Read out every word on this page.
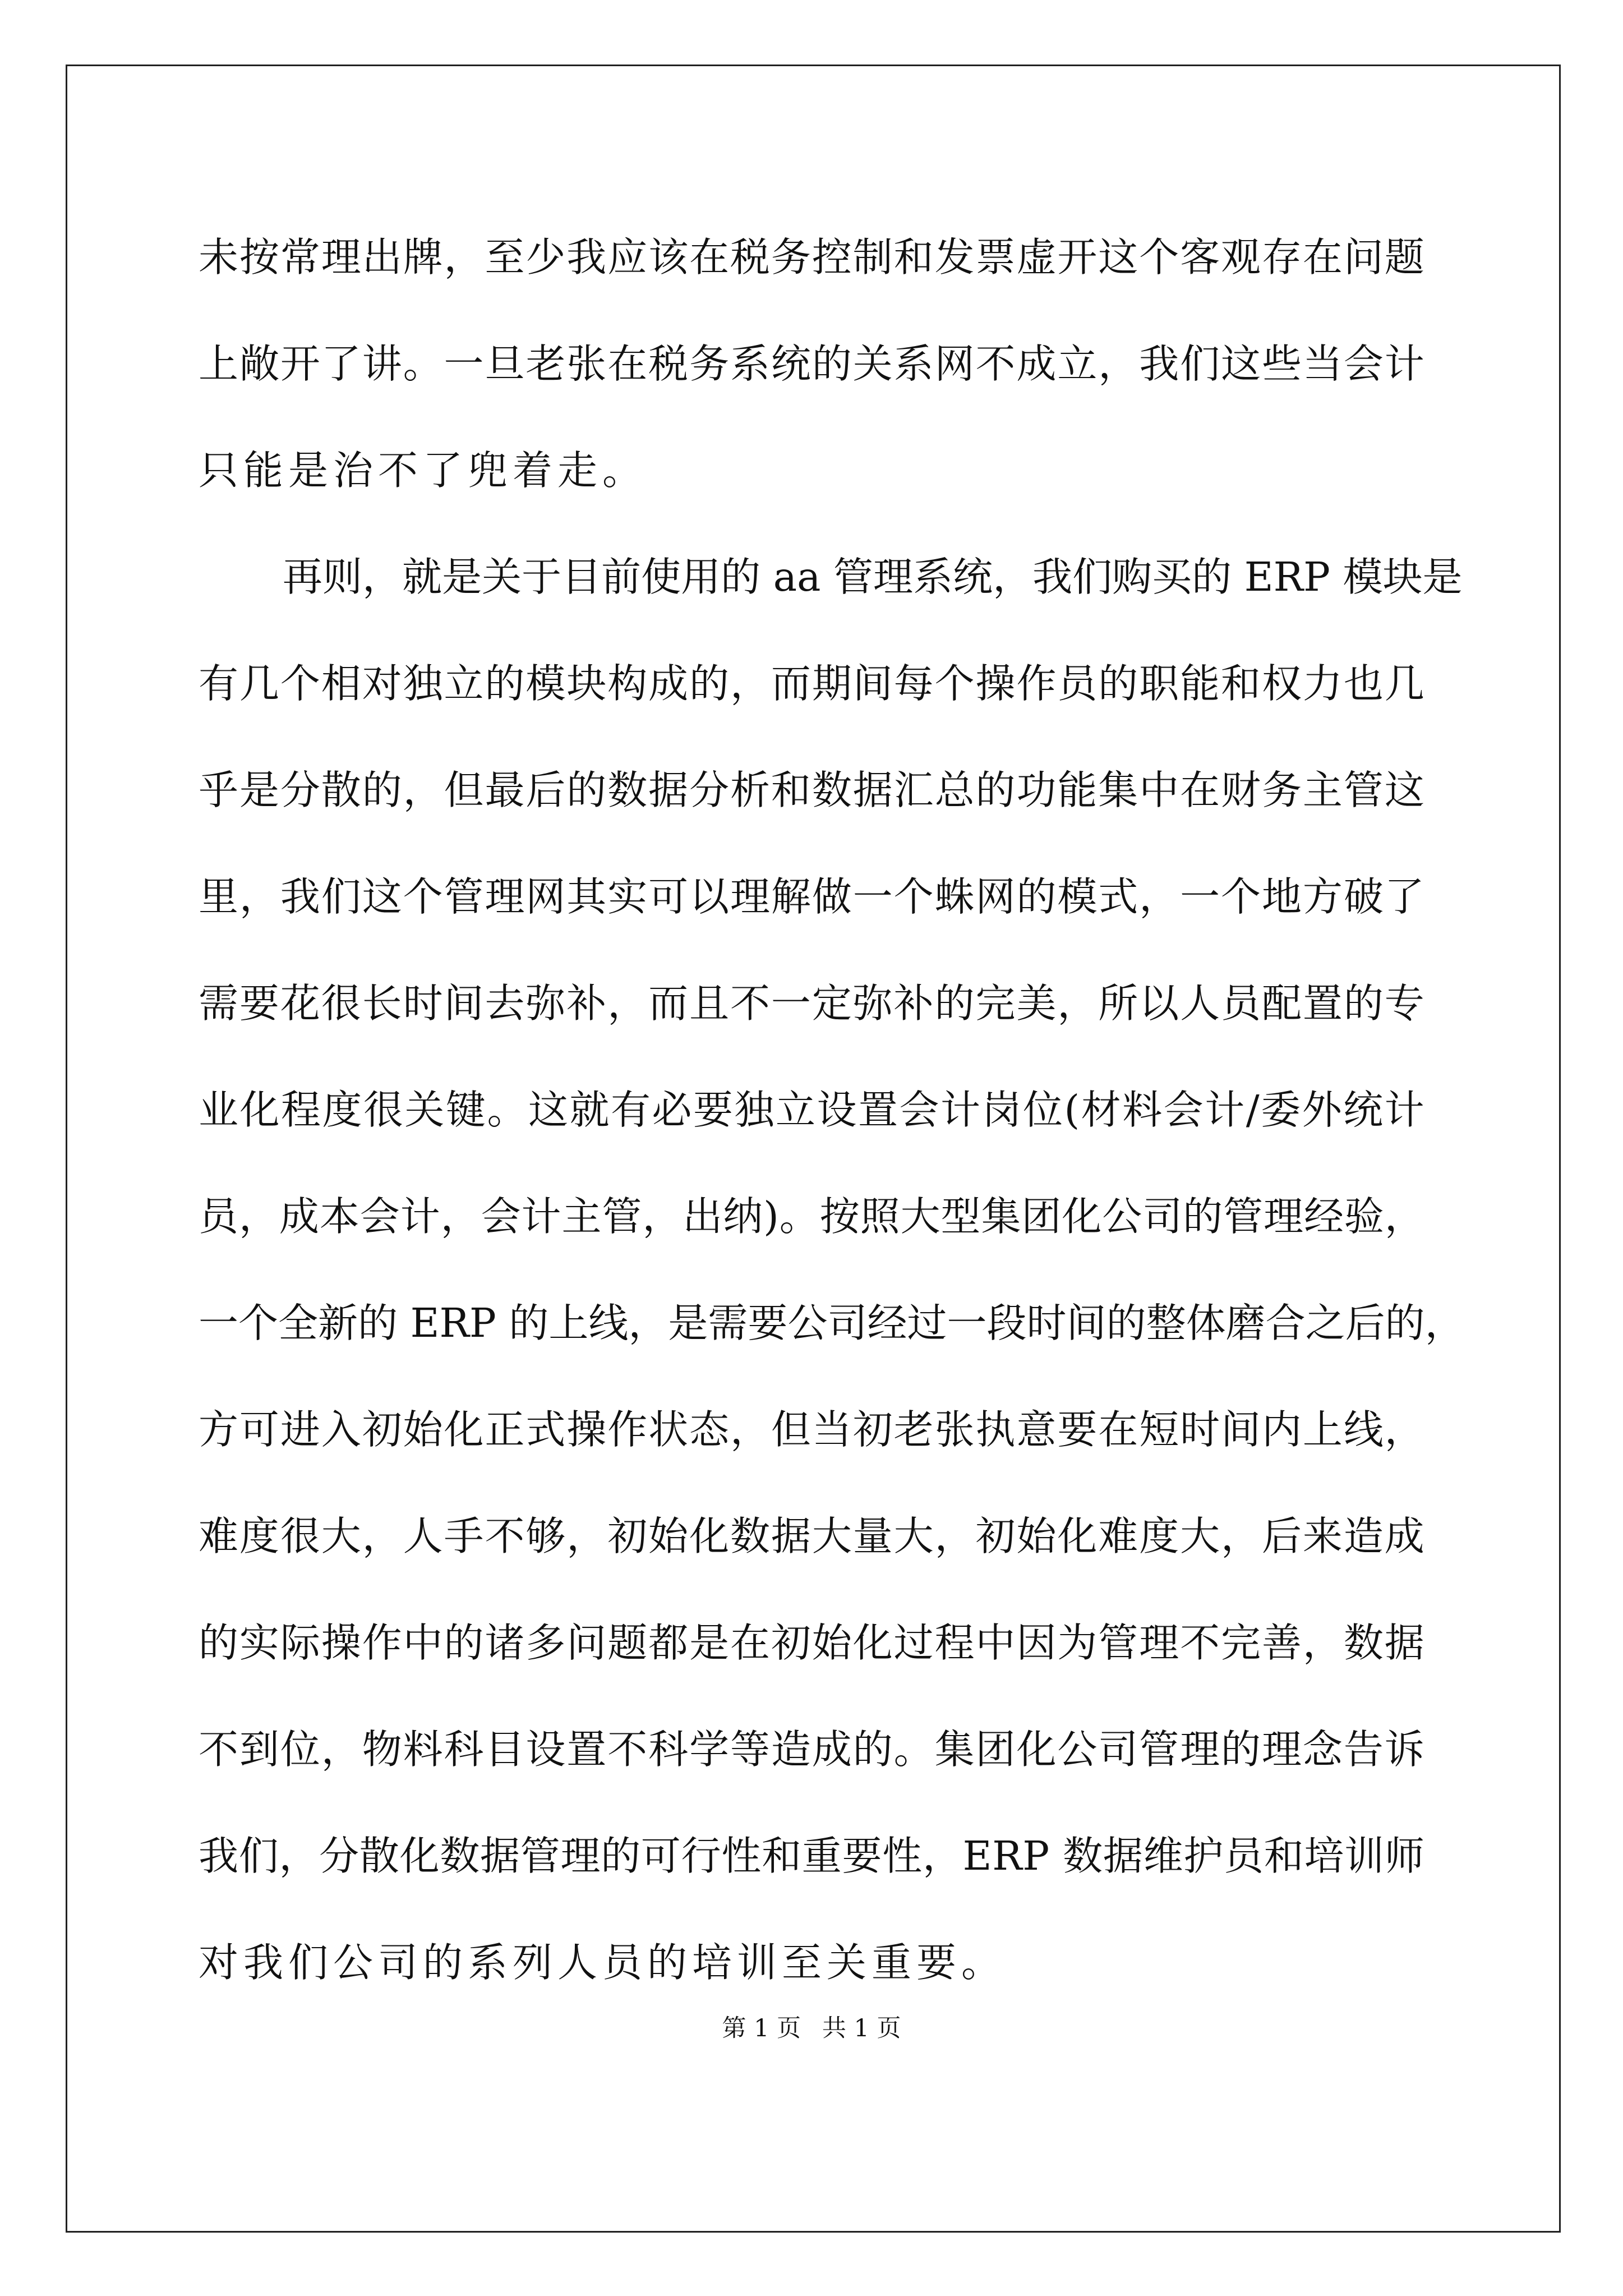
未 按 常 理 出 牌 ， 至 少 我 应 该 在 税 务 控 制 和 发 票 虚 开 这 个 客 观 存 在 问 题
上 敞 开 了 讲 。 一 旦 老 张 在 税 务 系 统 的 关 系 网 不 成 立 ， 我 们 这 些 当 会 计
只能是治不了兜着走。

再 则 ， 就 是 关 于 目 前 使 用 的
a a
管 理 系 统 ， 我 们 购 买 的
E R P
模 块 是
有 几 个 相 对 独 立 的 模 块 构 成 的 ， 而 期 间 每 个 操 作 员 的 职 能 和 权 力 也 几
乎 是 分 散 的 ， 但 最 后 的 数 据 分 析 和 数 据 汇 总 的 功 能 集 中 在 财 务 主 管 这
里 ， 我 们 这 个 管 理 网 其 实 可 以 理 解 做 一 个 蛛 网 的 模 式 ， 一 个 地 方 破 了
需 要 花 很 长 时 间 去 弥 补 ， 而 且 不 一 定 弥 补 的 完 美 ， 所 以 人 员 配 置 的 专
业 化 程 度 很 关 键 。 这 就 有 必 要 独 立 设 置 会 计 岗 位 ( 材 料 会 计 / 委 外 统 计
员 ， 成 本 会 计 ， 会 计 主 管 ， 出 纳 ) 。 按 照 大 型 集 团 化 公 司 的 管 理 经 验 ，
一 个 全 新 的
E R P
的 上 线 ， 是 需 要 公 司 经 过 一 段 时 间 的 整 体 磨 合 之 后 的 ，
方 可 进 入 初 始 化 正 式 操 作 状 态 ， 但 当 初 老 张 执 意 要 在 短 时 间 内 上 线 ，
难 度 很 大 ， 人 手 不 够 ， 初 始 化 数 据 大 量 大 ， 初 始 化 难 度 大 ， 后 来 造 成
的 实 际 操 作 中 的 诸 多 问 题 都 是 在 初 始 化 过 程 中 因 为 管 理 不 完 善 ， 数 据
不 到 位 ， 物 料 科 目 设 置 不 科 学 等 造 成 的 。 集 团 化 公 司 管 理 的 理 念 告 诉
我 们 ， 分 散 化 数 据 管 理 的 可 行 性 和 重 要 性 ， E R P
数 据 维 护 员 和 培 训 师
对我们公司的系列人员的培训至关重要。

第 1 页 共 1 页
